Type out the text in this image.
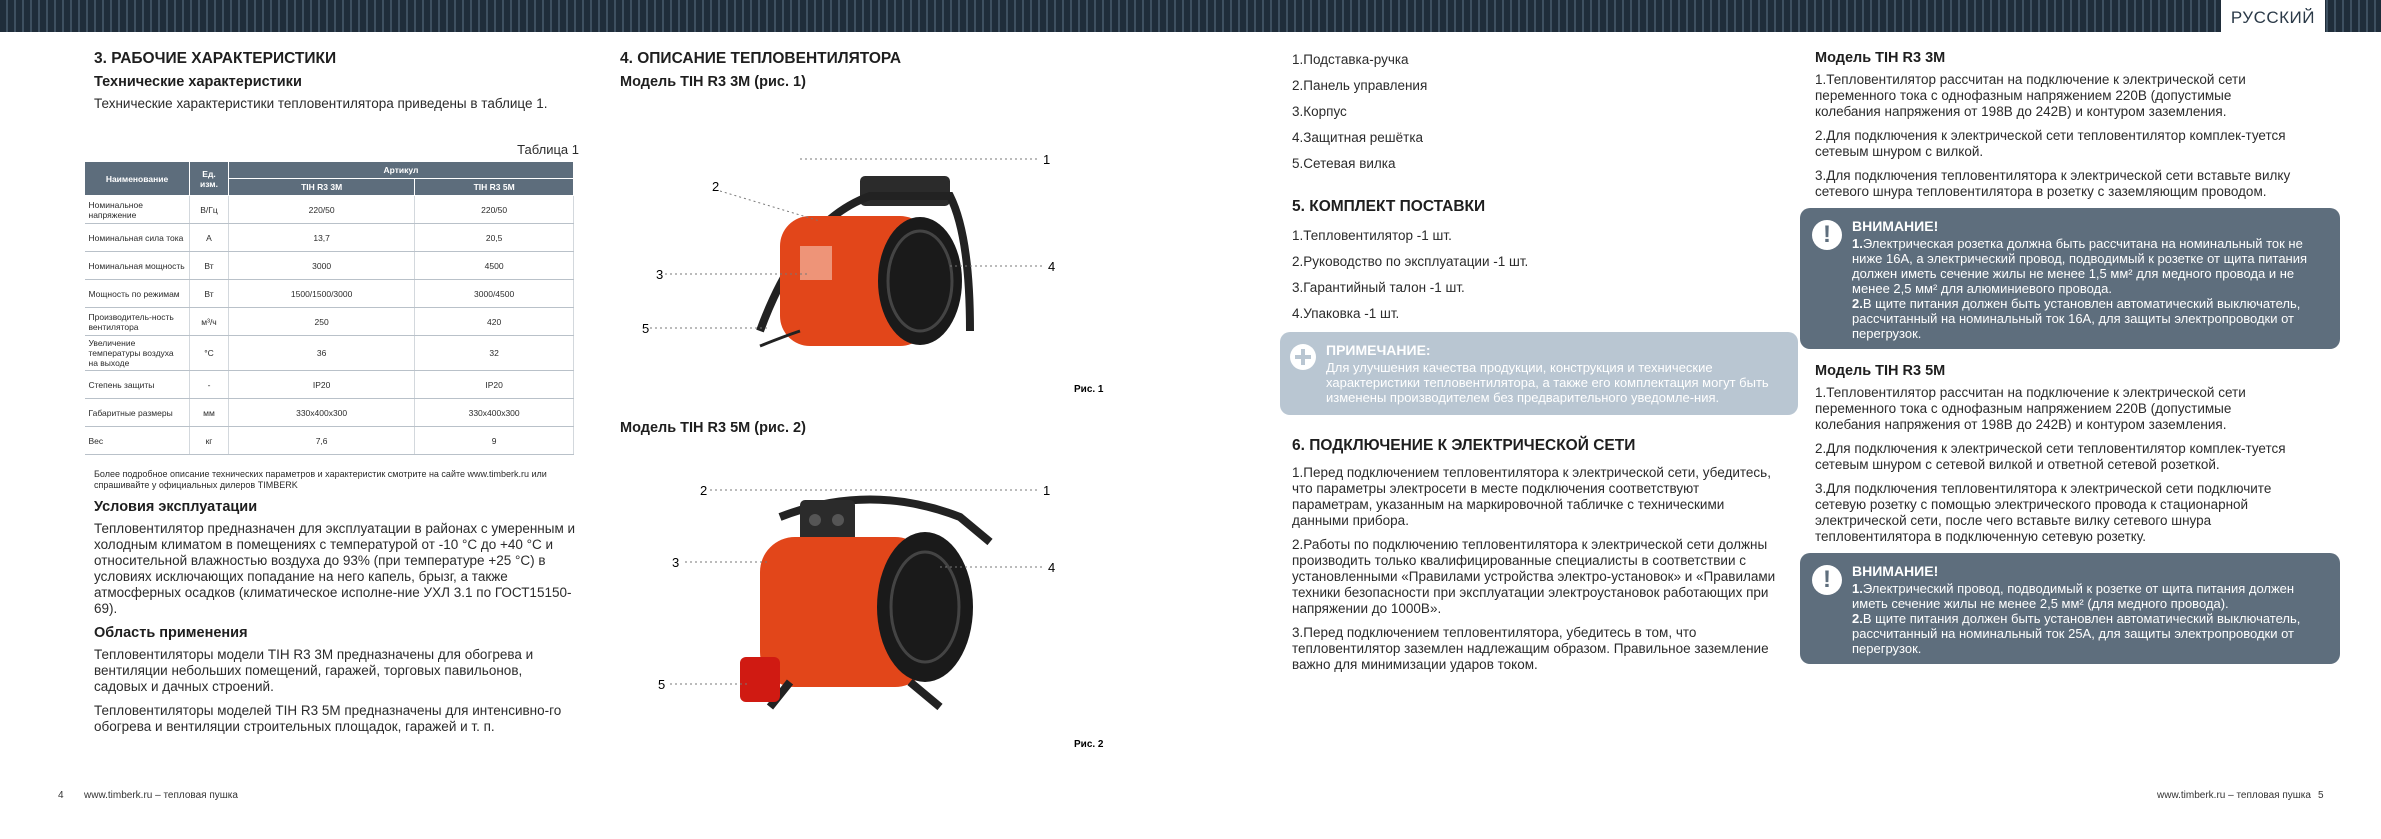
РУССКИЙ
3. РАБОЧИЕ ХАРАКТЕРИСТИКИ
Технические характеристики

Технические характеристики тепловентилятора приведены в таблице 1.

Таблица 1
Наименование	Ед. изм.	Артикул	
		TIH R3 3M	TIH R3 5M
Номинальное напряжение	В/Гц	220/50	220/50
Номинальная сила тока	А	13,7	20,5
Номинальная мощность	Вт	3000	4500
Мощность по режимам	Вт	1500/1500/3000	3000/4500
Производитель-ность вентилятора	м³/ч	250	420
Увеличение температуры воздуха на выходе	°С	36	32
Степень защиты	-	IP20	IP20
Габаритные размеры	мм	330x400x300	330x400x300
Вес	кг	7,6	9
Более подробное описание технических параметров и характеристик смотрите на сайте www.timberk.ru или спрашивайте у официальных дилеров TIMBERK
Условия эксплуатации

Тепловентилятор предназначен для эксплуатации в районах с умеренным и холодным климатом в помещениях с температурой от -10 °С до +40 °С и относительной влажностью воздуха до 93% (при температуре +25 °С) в условиях исключающих попадание на него капель, брызг, а также атмосферных осадков (климатическое исполне-ние УХЛ 3.1 по ГОСТ15150-69).

Область применения

Тепловентиляторы модели TIH R3 3M предназначены для обогрева и вентиляции небольших помещений, гаражей, торговых павильонов, садовых и дачных строений.

Тепловентиляторы моделей TIH R3 5M предназначены для интенсивно-го обогрева и вентиляции строительных площадок, гаражей и т. п.

4. ОПИСАНИЕ ТЕПЛОВЕНТИЛЯТОРА
Модель TIH R3 3M (рис. 1)
1
2
3
4
5
Рис. 1
Модель TIH R3 5M (рис. 2)
1
2
3	4
5
Рис. 2

1.Подставка-ручка

2.Панель управления

3.Корпус

4.Защитная решётка

5.Сетевая вилка

5. КОМПЛЕКТ ПОСТАВКИ

1.Тепловентилятор -1 шт.

2.Руководство по эксплуатации -1 шт.

3.Гарантийный талон -1 шт.

4.Упаковка -1 шт.

ПРИМЕЧАНИЕ:

Для улучшения качества продукции, конструкция и технические характеристики тепловентилятора, а также его комплектация могут быть изменены производителем без предварительного уведомле-ния.

6. ПОДКЛЮЧЕНИЕ К ЭЛЕКТРИЧЕСКОЙ СЕТИ

1.Перед подключением тепловентилятора к электрической сети, убедитесь, что параметры электросети в месте подключения соответствуют параметрам, указанным на маркировочной табличке с техническими данными прибора.

2.Работы по подключению тепловентилятора к электрической сети должны производить только квалифицированные специалисты в соответствии с установленными «Правилами устройства электро-установок» и «Правилами техники безопасности при эксплуатации электроустановок работающих при напряжении до 1000В».

3.Перед подключением тепловентилятора, убедитесь в том, что тепловентилятор заземлен надлежащим образом. Правильное заземление важно для минимизации ударов током.

Модель TIH R3 3M

1.Тепловентилятор рассчитан на подключение к электрической сети переменного тока с однофазным напряжением 220В (допустимые колебания напряжения от 198В до 242В) и контуром заземления.

2.Для подключения к электрической сети тепловентилятор комплек-туется сетевым шнуром с вилкой.

3.Для подключения тепловентилятора к электрической сети вставьте вилку сетевого шнура тепловентилятора в розетку с заземляющим проводом.

!	ВНИМАНИЕ!

1.Электрическая розетка должна быть рассчитана на номинальный ток не ниже 16А, а электрический провод, подводимый к розетке от щита питания должен иметь сечение жилы не менее 1,5 мм² для медного провода и не менее 2,5 мм² для алюминиевого провода.

2.В щите питания должен быть установлен автоматический выключатель, рассчитанный на номинальный ток 16А, для защиты электропроводки от перегрузок.

Модель TIH R3 5M

1.Тепловентилятор рассчитан на подключение к электрической сети переменного тока с однофазным напряжением 220В (допустимые колебания напряжения от 198В до 242В) и контуром заземления.

2.Для подключения к электрической сети тепловентилятор комплек-туется сетевым шнуром с сетевой вилкой и ответной сетевой розеткой.

3.Для подключения тепловентилятора к электрической сети подключите сетевую розетку с помощью электрического провода к стационарной электрической сети, после чего вставьте вилку сетевого шнура тепловентилятора в подключенную сетевую розетку.

!	ВНИМАНИЕ!

1.Электрический провод, подводимый к розетке от щита питания должен иметь сечение жилы не менее 2,5 мм² (для медного провода).

2.В щите питания должен быть установлен автоматический выключатель, рассчитанный на номинальный ток 25А, для защиты электропроводки от перегрузок.

4 www.timberk.ru – тепловая пушка	www.timberk.ru – тепловая пушка 5
